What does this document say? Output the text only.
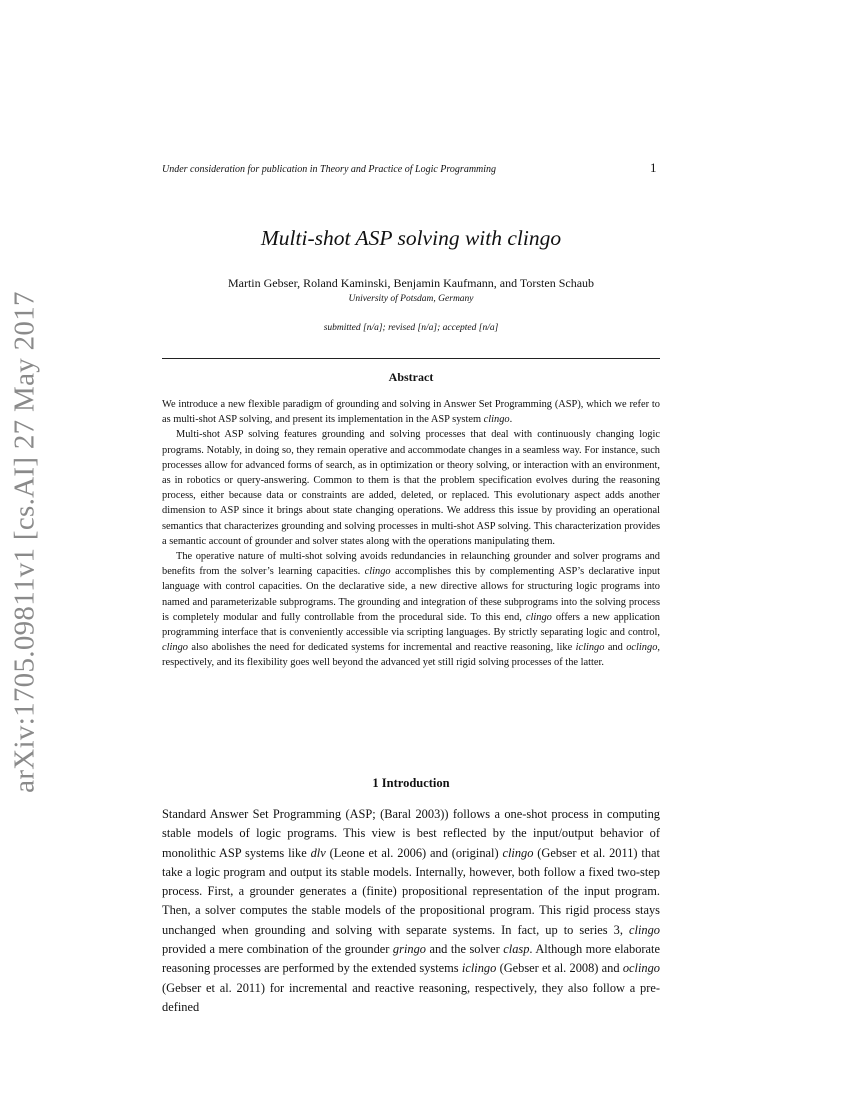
arXiv:1705.09811v1 [cs.AI] 27 May 2017
Under consideration for publication in Theory and Practice of Logic Programming	1
Multi-shot ASP solving with clingo
Martin Gebser, Roland Kaminski, Benjamin Kaufmann, and Torsten Schaub
University of Potsdam, Germany
submitted [n/a]; revised [n/a]; accepted [n/a]
Abstract

We introduce a new flexible paradigm of grounding and solving in Answer Set Programming (ASP), which we refer to as multi-shot ASP solving, and present its implementation in the ASP system clingo.

Multi-shot ASP solving features grounding and solving processes that deal with continuously changing logic programs. Notably, in doing so, they remain operative and accommodate changes in a seamless way. For instance, such processes allow for advanced forms of search, as in optimization or theory solving, or interaction with an environment, as in robotics or query-answering. Common to them is that the problem specification evolves during the reasoning process, either because data or constraints are added, deleted, or replaced. This evolutionary aspect adds another dimension to ASP since it brings about state changing operations. We address this issue by providing an operational semantics that characterizes grounding and solving processes in multi-shot ASP solving. This characterization provides a semantic account of grounder and solver states along with the operations manipulating them.

The operative nature of multi-shot solving avoids redundancies in relaunching grounder and solver programs and benefits from the solver’s learning capacities. clingo accomplishes this by complementing ASP’s declarative input language with control capacities. On the declarative side, a new directive allows for structuring logic programs into named and parameterizable subprograms. The grounding and integration of these subprograms into the solving process is completely modular and fully controllable from the procedural side. To this end, clingo offers a new application programming interface that is conveniently accessible via scripting languages. By strictly separating logic and control, clingo also abolishes the need for dedicated systems for incremental and reactive reasoning, like iclingo and oclingo, respectively, and its flexibility goes well beyond the advanced yet still rigid solving processes of the latter.

1 Introduction

Standard Answer Set Programming (ASP; (Baral 2003)) follows a one-shot process in computing stable models of logic programs. This view is best reflected by the input/output behavior of monolithic ASP systems like dlv (Leone et al. 2006) and (original) clingo (Gebser et al. 2011) that take a logic program and output its stable models. Internally, however, both follow a fixed two-step process. First, a grounder generates a (finite) propositional representation of the input program. Then, a solver computes the stable models of the propositional program. This rigid process stays unchanged when grounding and solving with separate systems. In fact, up to series 3, clingo provided a mere combination of the grounder gringo and the solver clasp. Although more elaborate reasoning processes are performed by the extended systems iclingo (Gebser et al. 2008) and oclingo (Gebser et al. 2011) for incremental and reactive reasoning, respectively, they also follow a pre-defined
